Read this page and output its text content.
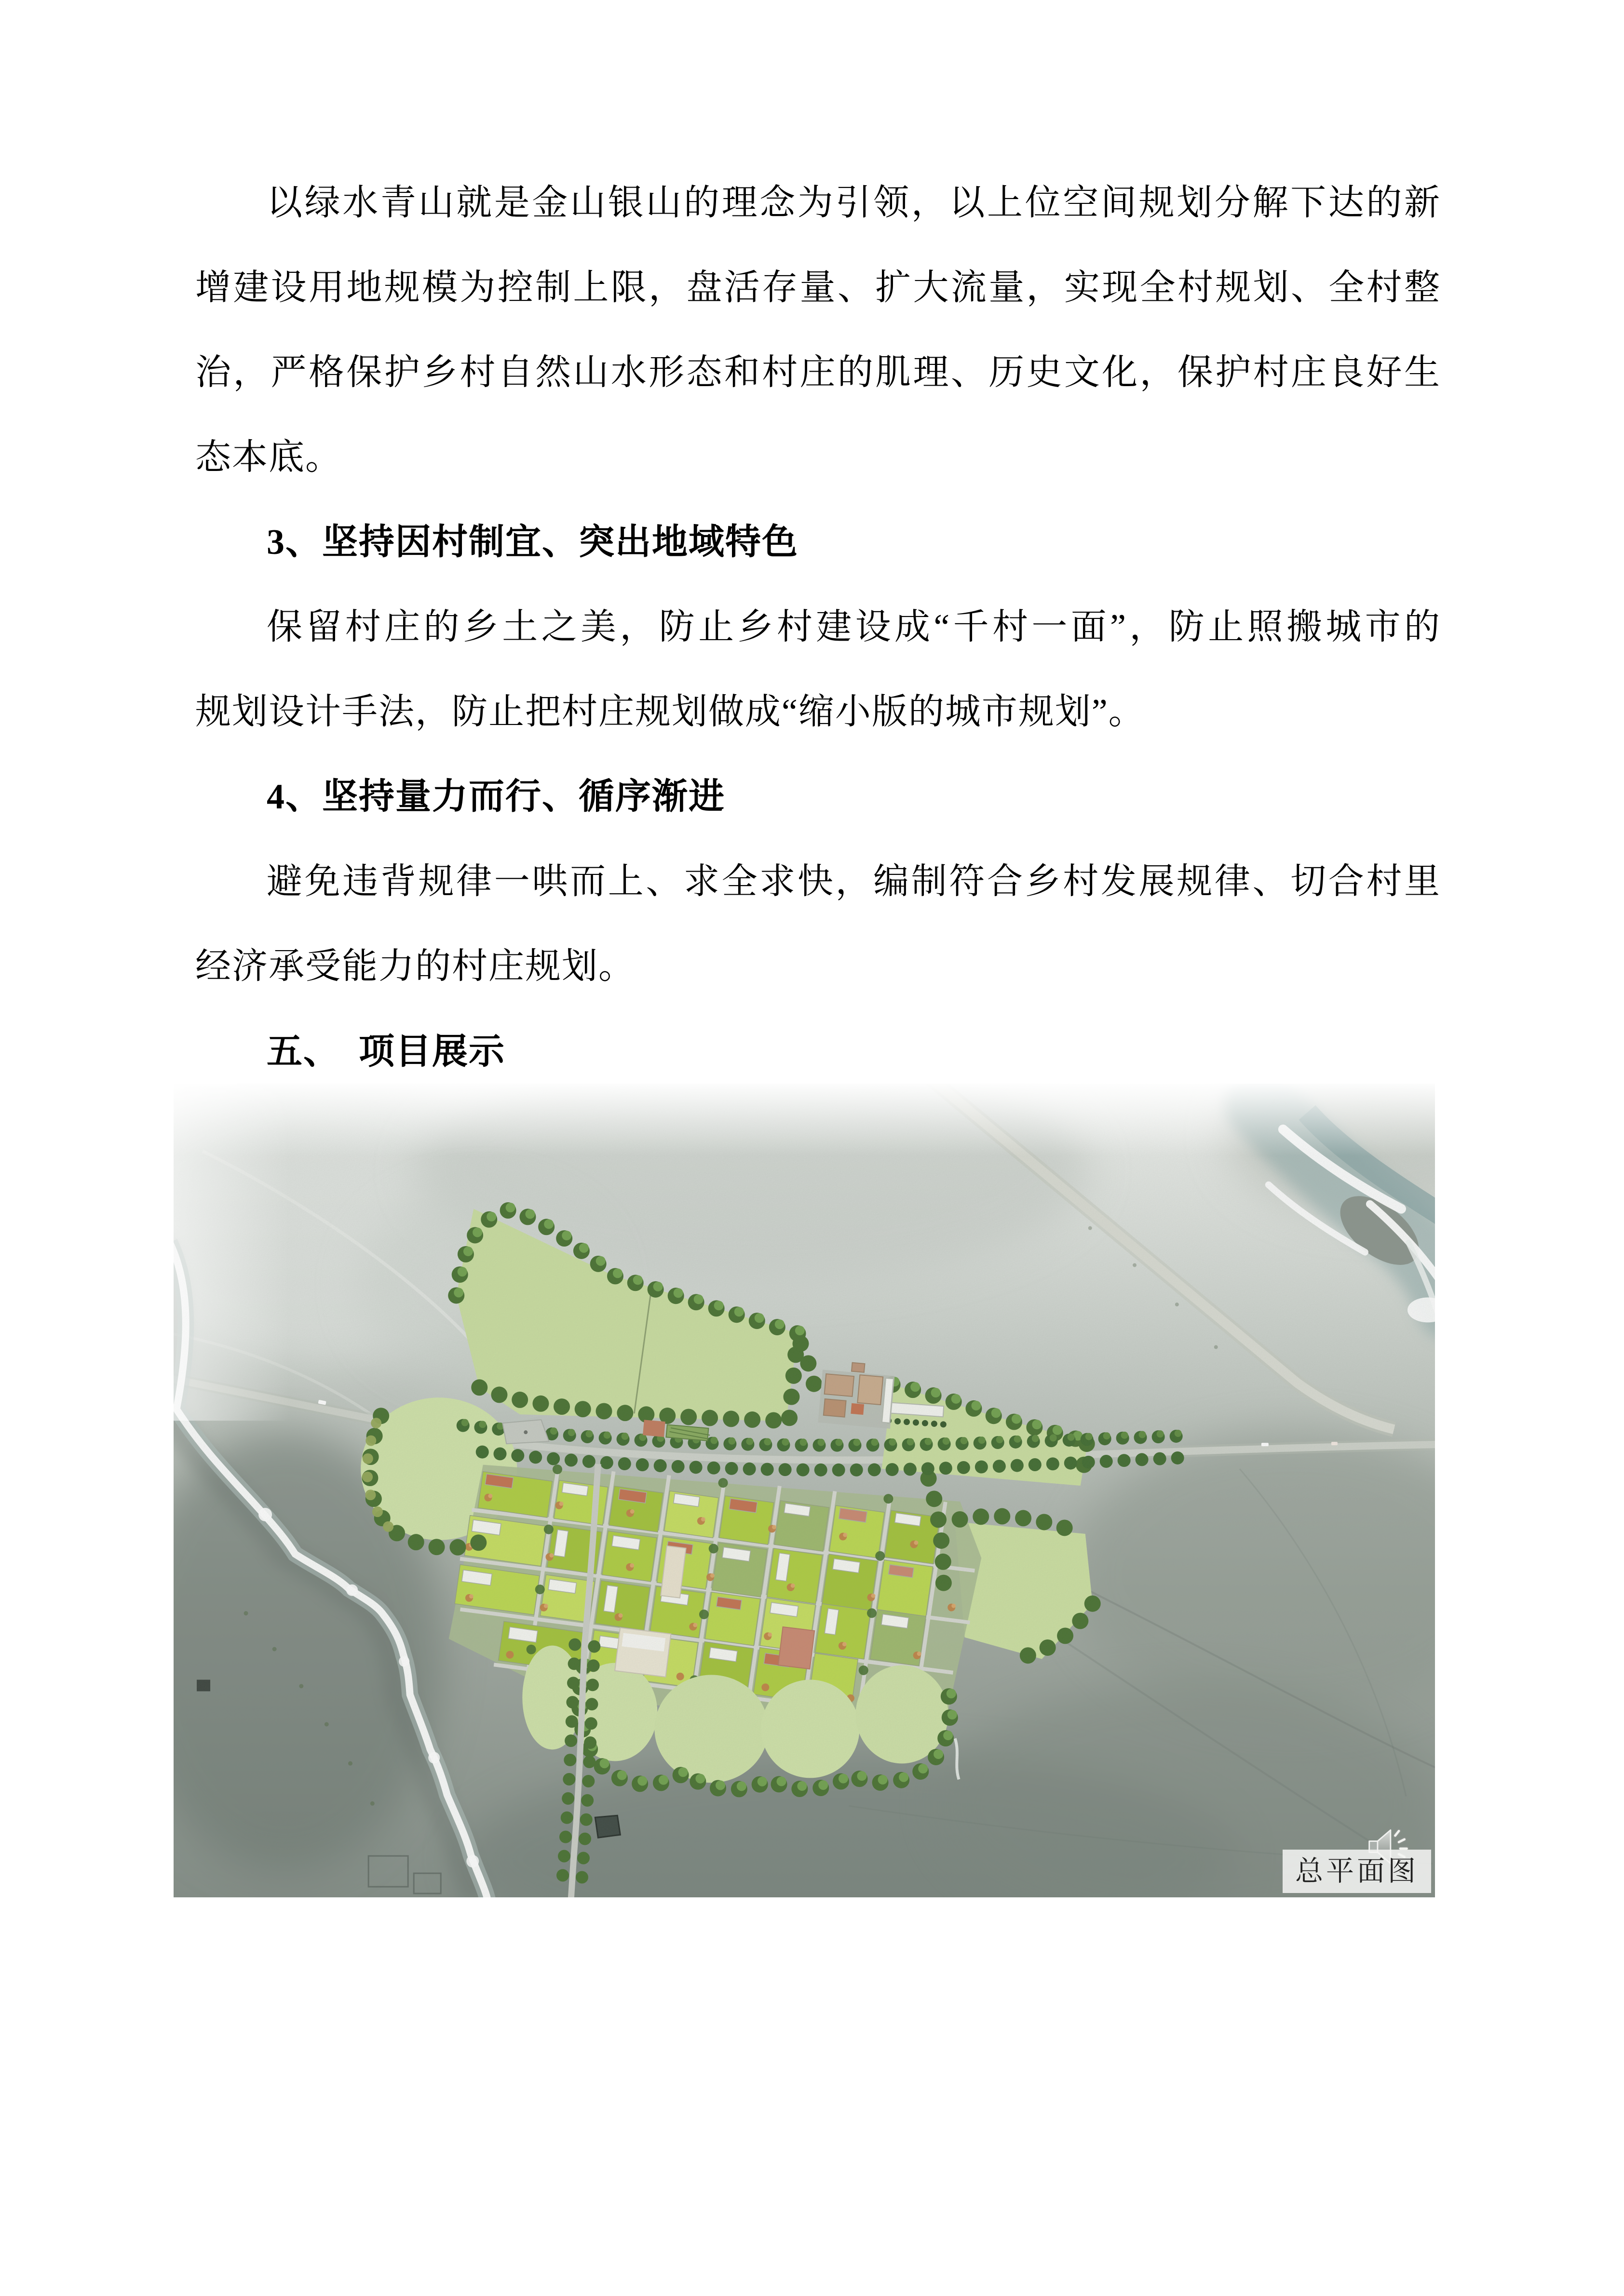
以绿水青山就是金山银山的理念为引领，以上位空间规划分解下达的新
增建设用地规模为控制上限，盘活存量、扩大流量，实现全村规划、全村整
治，严格保护乡村自然山水形态和村庄的肌理、历史文化，保护村庄良好生
态本底。
3、坚持因村制宜、突出地域特色
保留村庄的乡土之美，防止乡村建设成“千村一面”，防止照搬城市的
规划设计手法，防止把村庄规划做成“缩小版的城市规划”。
4、坚持量力而行、循序渐进
避免违背规律一哄而上、求全求快，编制符合乡村发展规律、切合村里
经济承受能力的村庄规划。
五、　项目展示
总平面图
